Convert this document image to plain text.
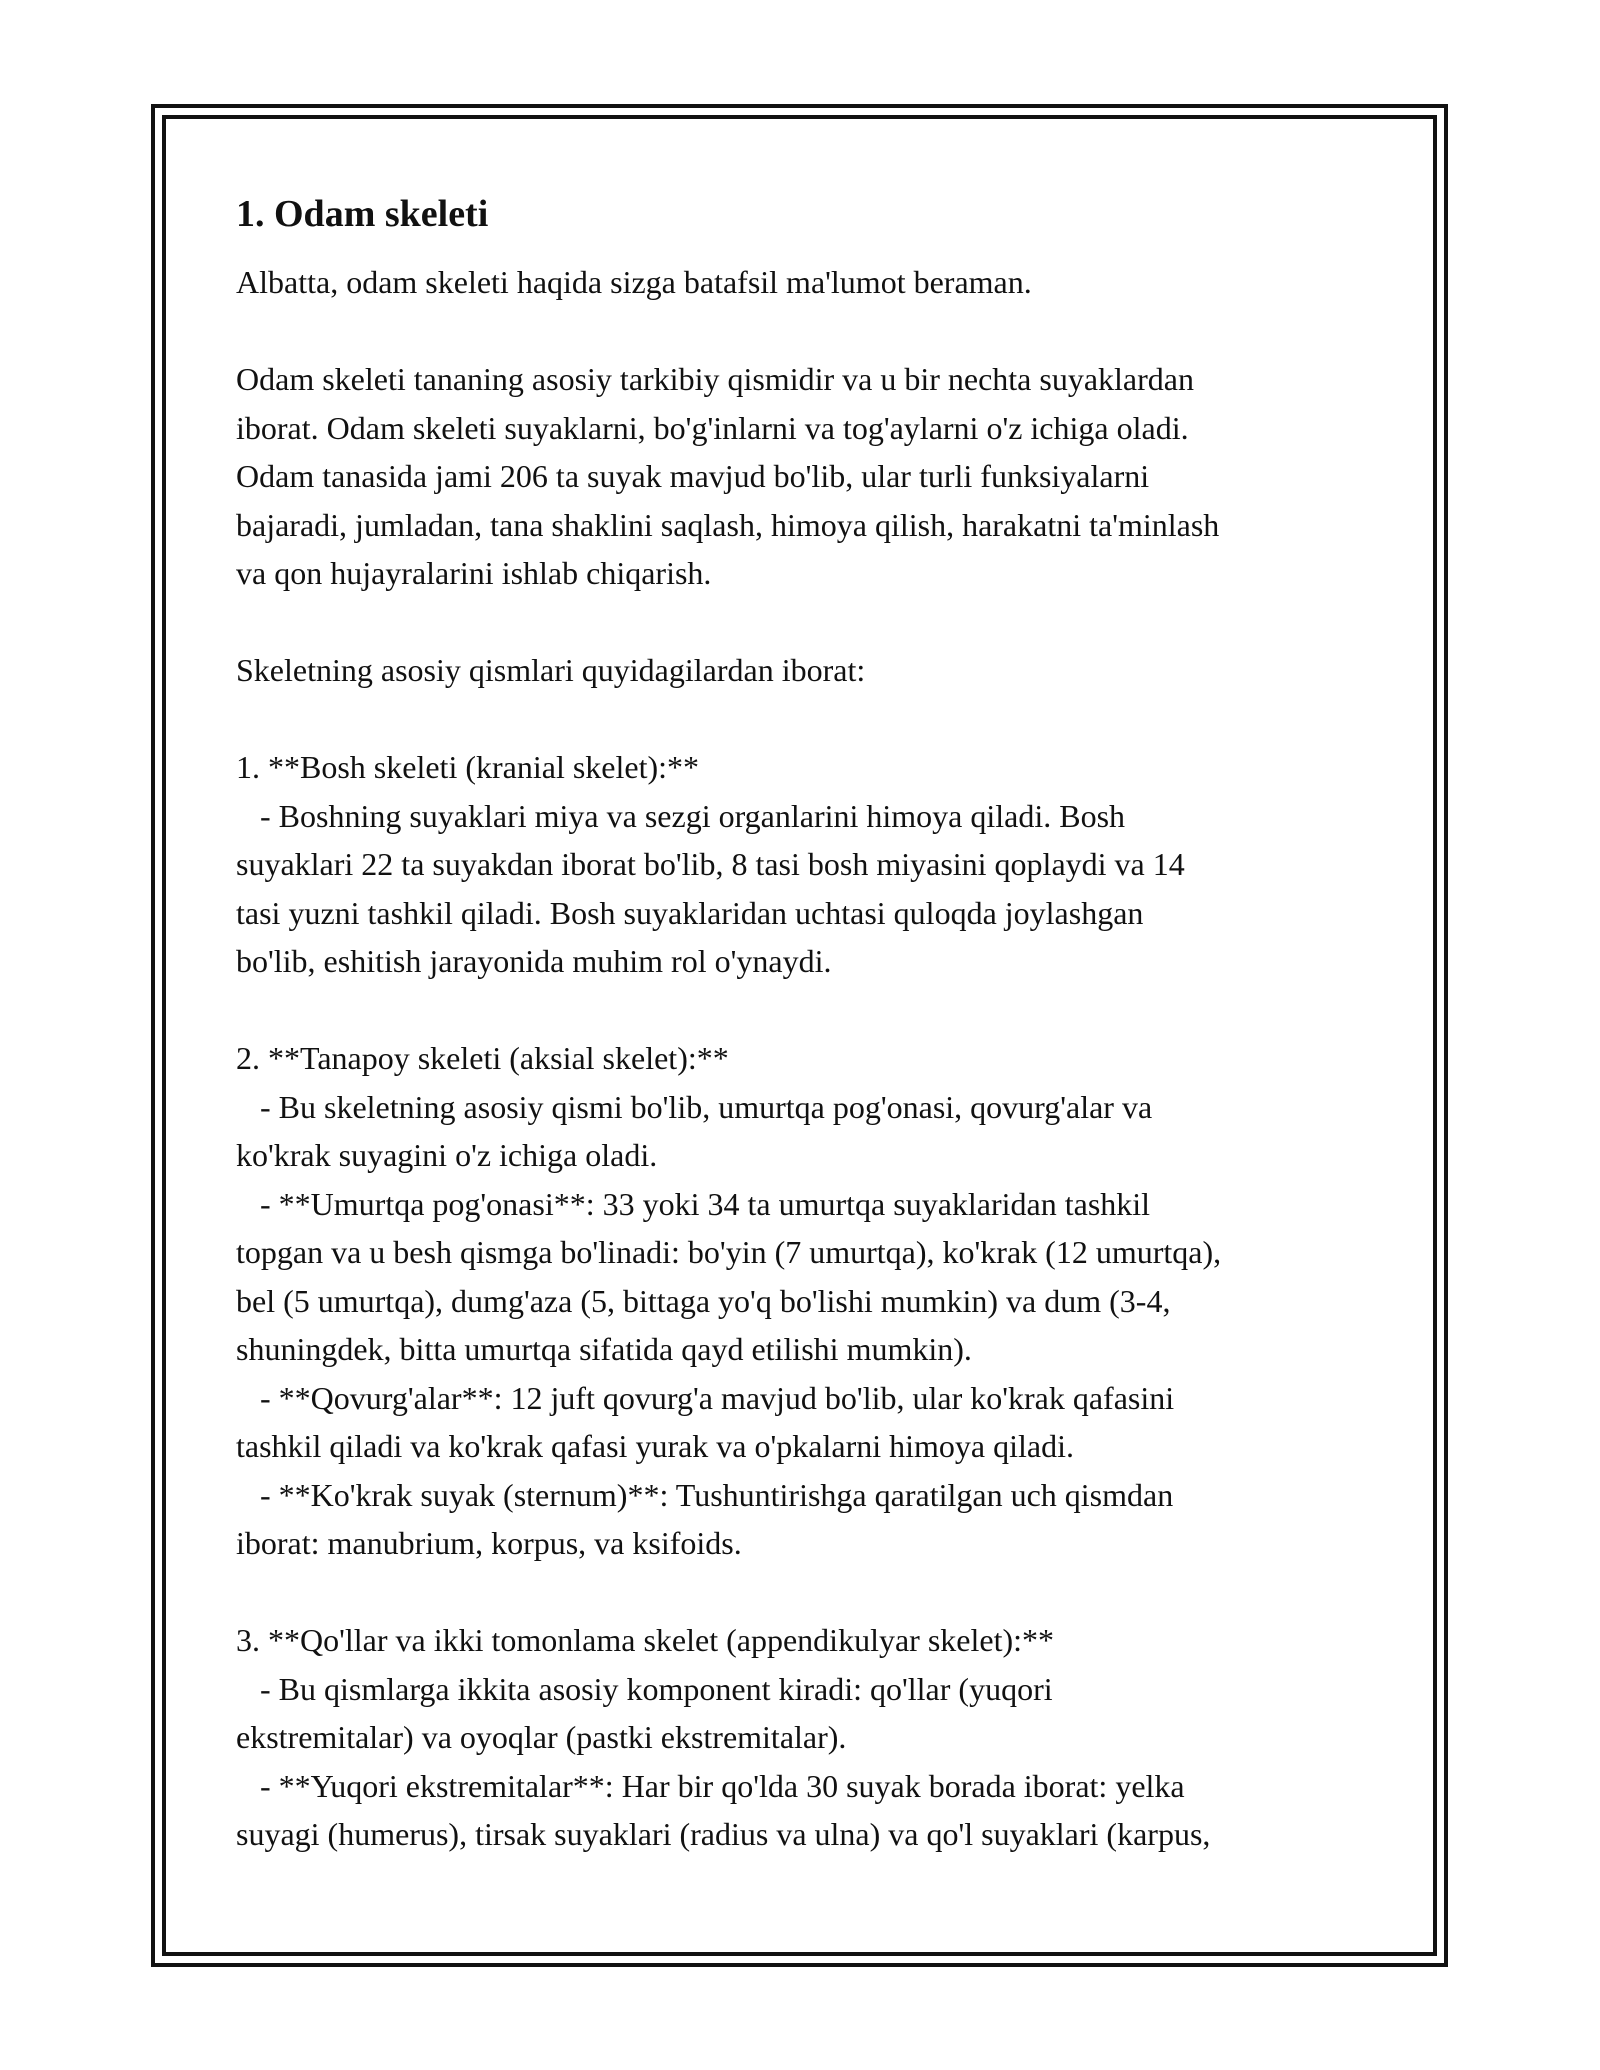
1. Odam skeleti

Albatta, odam skeleti haqida sizga batafsil ma'lumot beraman.

Odam skeleti tananing asosiy tarkibiy qismidir va u bir nechta suyaklardan

iborat. Odam skeleti suyaklarni, bo'g'inlarni va tog'aylarni o'z ichiga oladi.

Odam tanasida jami 206 ta suyak mavjud bo'lib, ular turli funksiyalarni

bajaradi, jumladan, tana shaklini saqlash, himoya qilish, harakatni ta'minlash

va qon hujayralarini ishlab chiqarish.

Skeletning asosiy qismlari quyidagilardan iborat:

1. **Bosh skeleti (kranial skelet):**

- Boshning suyaklari miya va sezgi organlarini himoya qiladi. Bosh

suyaklari 22 ta suyakdan iborat bo'lib, 8 tasi bosh miyasini qoplaydi va 14

tasi yuzni tashkil qiladi. Bosh suyaklaridan uchtasi quloqda joylashgan

bo'lib, eshitish jarayonida muhim rol o'ynaydi.

2. **Tanapoy skeleti (aksial skelet):**

- Bu skeletning asosiy qismi bo'lib, umurtqa pog'onasi, qovurg'alar va

ko'krak suyagini o'z ichiga oladi.

- **Umurtqa pog'onasi**: 33 yoki 34 ta umurtqa suyaklaridan tashkil

topgan va u besh qismga bo'linadi: bo'yin (7 umurtqa), ko'krak (12 umurtqa),

bel (5 umurtqa), dumg'aza (5, bittaga yo'q bo'lishi mumkin) va dum (3-4,

shuningdek, bitta umurtqa sifatida qayd etilishi mumkin).

- **Qovurg'alar**: 12 juft qovurg'a mavjud bo'lib, ular ko'krak qafasini

tashkil qiladi va ko'krak qafasi yurak va o'pkalarni himoya qiladi.

- **Ko'krak suyak (sternum)**: Tushuntirishga qaratilgan uch qismdan

iborat: manubrium, korpus, va ksifoids.

3. **Qo'llar va ikki tomonlama skelet (appendikulyar skelet):**

- Bu qismlarga ikkita asosiy komponent kiradi: qo'llar (yuqori

ekstremitalar) va oyoqlar (pastki ekstremitalar).

- **Yuqori ekstremitalar**: Har bir qo'lda 30 suyak borada iborat: yelka

suyagi (humerus), tirsak suyaklari (radius va ulna) va qo'l suyaklari (karpus,
